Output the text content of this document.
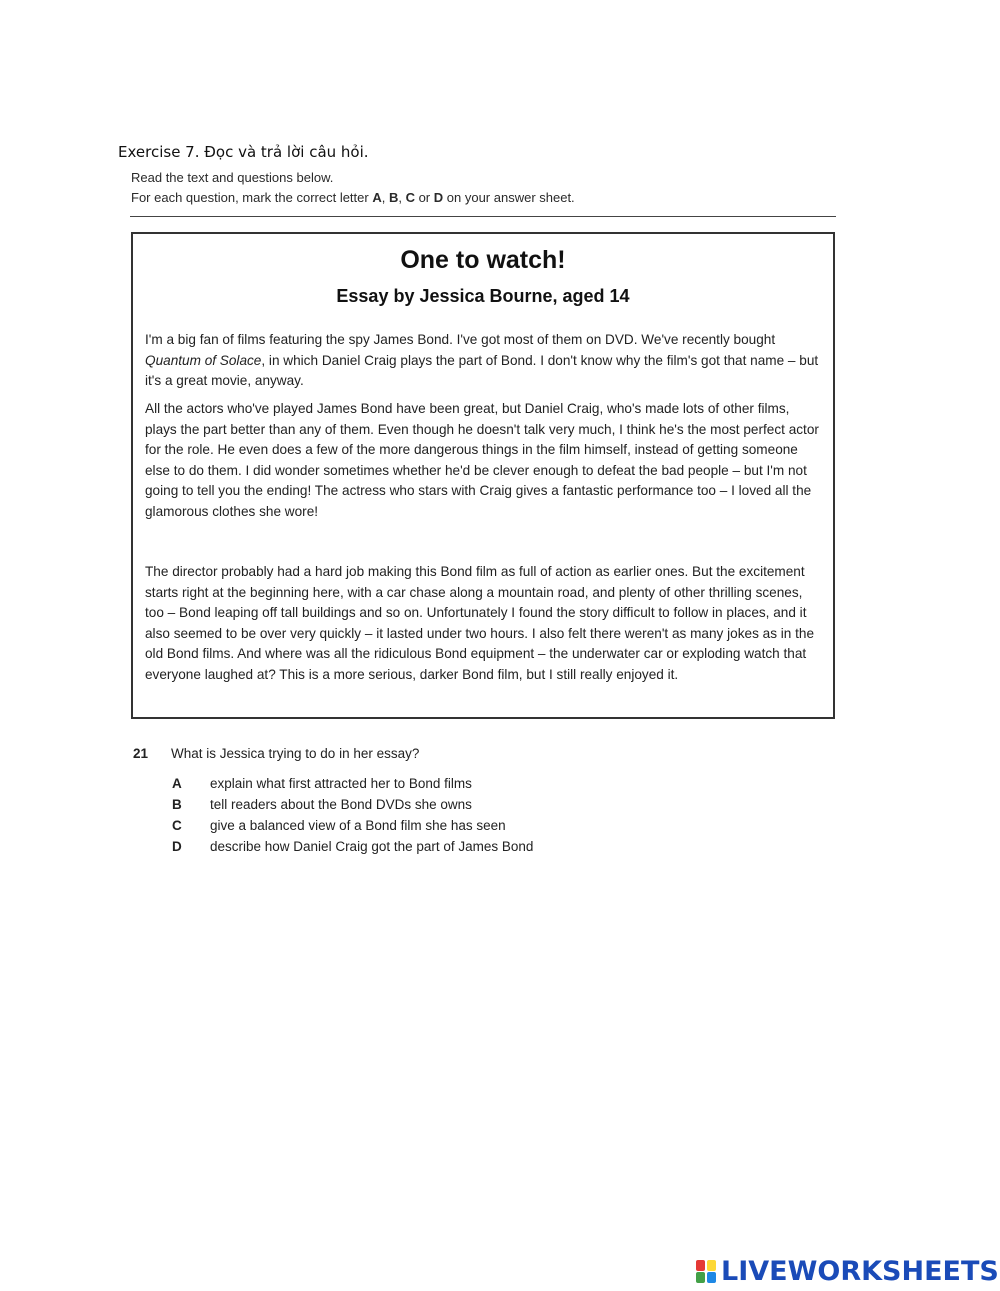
Exercise 7. Đọc và trả lời câu hỏi.
Read the text and questions below.
For each question, mark the correct letter A, B, C or D on your answer sheet.
One to watch!
Essay by Jessica Bourne, aged 14
I'm a big fan of films featuring the spy James Bond. I've got most of them on DVD. We've recently bought Quantum of Solace, in which Daniel Craig plays the part of Bond. I don't know why the film's got that name – but it's a great movie, anyway.
All the actors who've played James Bond have been great, but Daniel Craig, who's made lots of other films, plays the part better than any of them. Even though he doesn't talk very much, I think he's the most perfect actor for the role. He even does a few of the more dangerous things in the film himself, instead of getting someone else to do them. I did wonder sometimes whether he'd be clever enough to defeat the bad people – but I'm not going to tell you the ending! The actress who stars with Craig gives a fantastic performance too – I loved all the glamorous clothes she wore!
The director probably had a hard job making this Bond film as full of action as earlier ones. But the excitement starts right at the beginning here, with a car chase along a mountain road, and plenty of other thrilling scenes, too – Bond leaping off tall buildings and so on. Unfortunately I found the story difficult to follow in places, and it also seemed to be over very quickly – it lasted under two hours. I also felt there weren't as many jokes as in the old Bond films. And where was all the ridiculous Bond equipment – the underwater car or exploding watch that everyone laughed at? This is a more serious, darker Bond film, but I still really enjoyed it.
21 What is Jessica trying to do in her essay?
A explain what first attracted her to Bond films
B tell readers about the Bond DVDs she owns
C give a balanced view of a Bond film she has seen
D describe how Daniel Craig got the part of James Bond
LIVEWORKSHEETS
